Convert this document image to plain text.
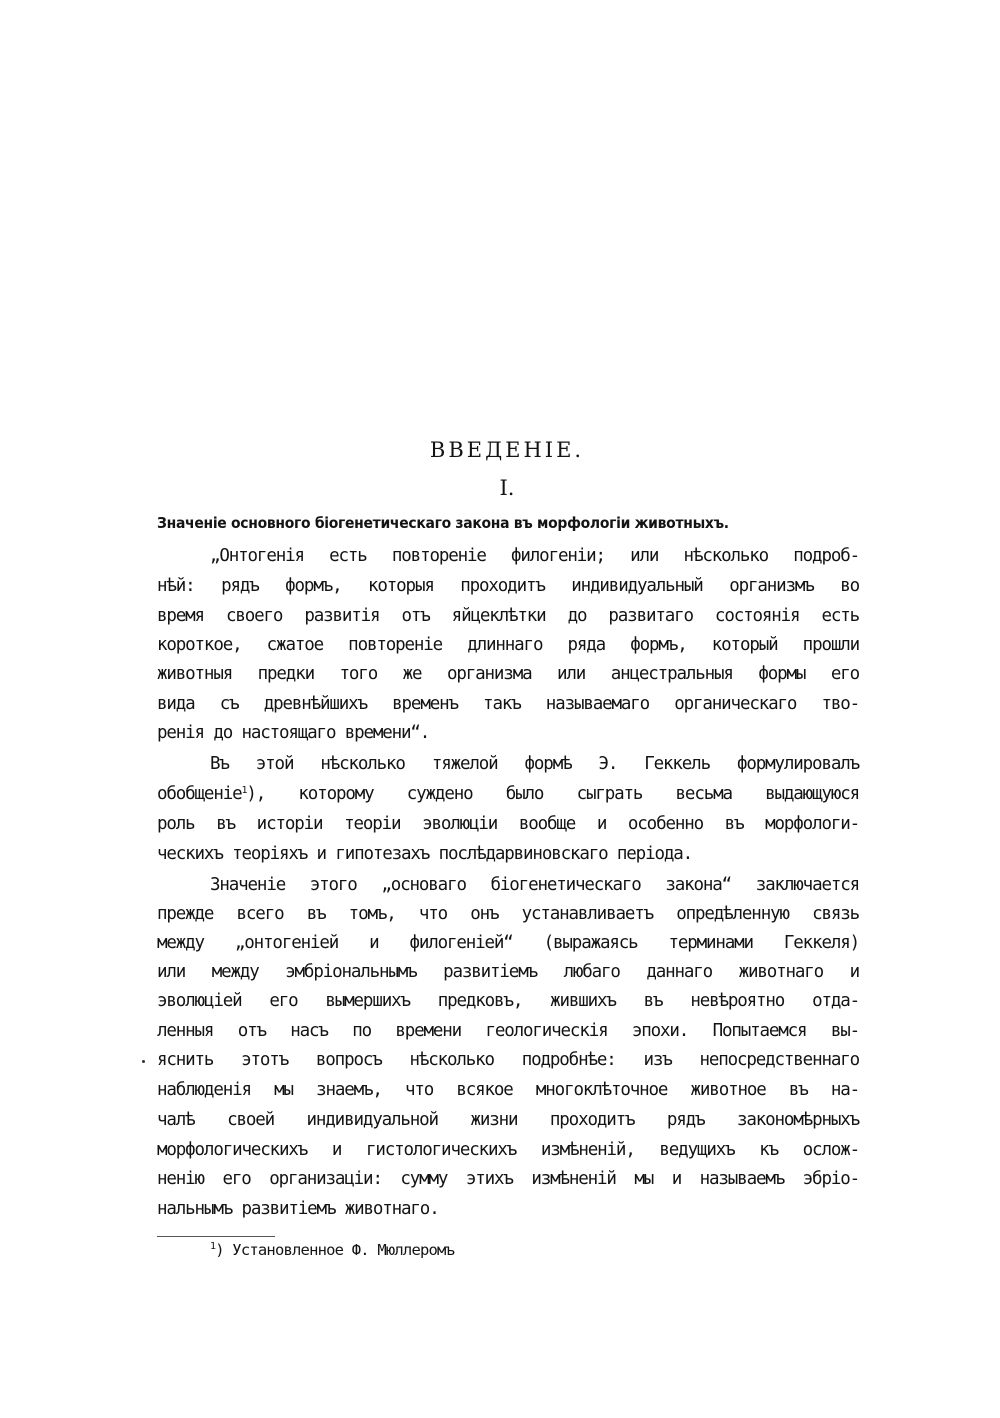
ВВЕДЕНІЕ.
I.
Значеніе основного біогенетическаго закона въ морфологіи животныхъ.
„Онтогенія есть повтореніе филогеніи; или нѣсколько подроб-
нѣй: рядъ формъ, которыя проходитъ индивидуальный организмъ во
время своего развитія отъ яйцеклѣтки до развитаго состоянія есть
короткое, сжатое повтореніе длиннаго ряда формъ, который прошли
животныя предки того же организма или анцестральныя формы его
вида съ древнѣйшихъ временъ такъ называемаго органическаго тво-
ренія до настоящаго времени“.
Въ этой нѣсколько тяжелой формѣ Э. Геккель формулировалъ
обобщеніе$^1$), которому суждено было сыграть весьма выдающуюся
роль въ исторіи теоріи эволюціи вообще и особенно въ морфологи-
ческихъ теоріяхъ и гипотезахъ послѣдарвиновскаго періода.
Значеніе этого „основаго біогенетическаго закона“ заключается
прежде всего въ томъ, что онъ устанавливаетъ опредѣленную связь
между „онтогеніей и филогеніей“ (выражаясь терминами Геккеля)
или между эмбріональнымъ развитіемъ любаго даннаго животнаго и
эволюціей его вымершихъ предковъ, жившихъ въ невѣроятно отда-
ленныя отъ насъ по времени геологическія эпохи. Попытаемся вы-
яснить этотъ вопросъ нѣсколько подробнѣе: изъ непосредственнаго
наблюденія мы знаемъ, что всякое многоклѣточное животное въ на-
чалѣ своей индивидуальной жизни проходитъ рядъ закономѣрныхъ
морфологическихъ и гистологическихъ измѣненій, ведущихъ къ ослож-
ненію его организаціи: сумму этихъ измѣненій мы и называемъ эбріо-
нальнымъ развитіемъ животнаго.
$^1$) Установленное Ф. Мюллеромъ
